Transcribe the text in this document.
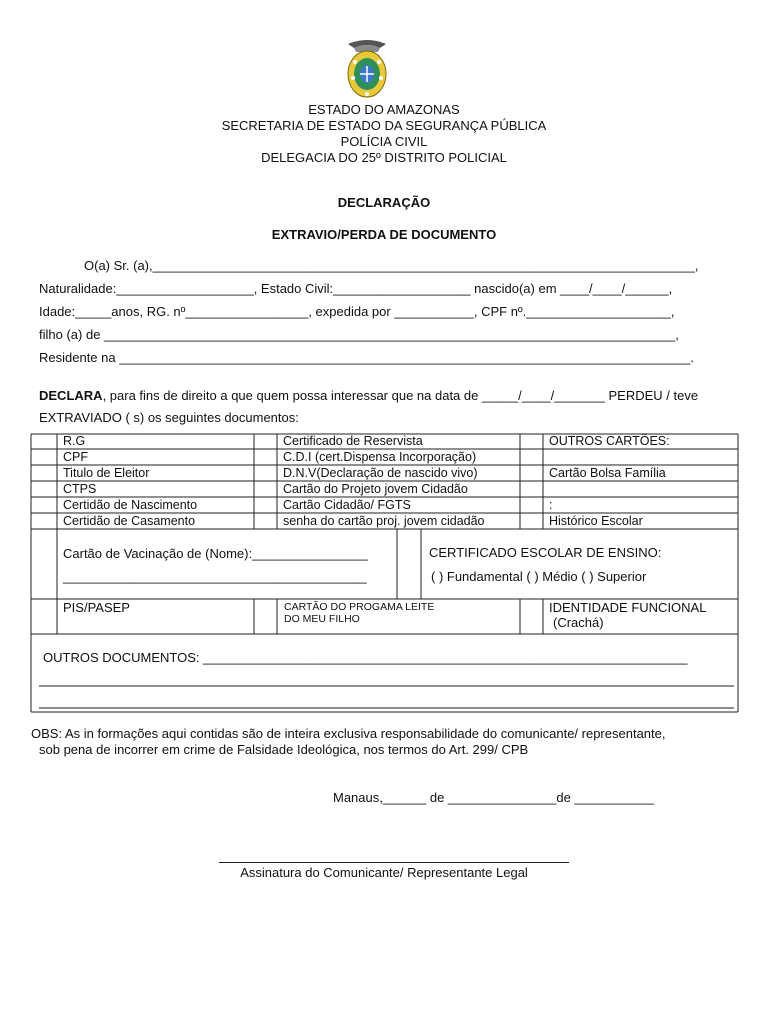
ESTADO DO AMAZONAS
SECRETARIA DE ESTADO DA SEGURANÇA PÚBLICA
POLÍCIA CIVIL
DELEGACIA DO 25º DISTRITO POLICIAL
DECLARAÇÃO
EXTRAVIO/PERDA DE DOCUMENTO
O(a) Sr. (a),___________________________________________________________________________,
Naturalidade:___________________, Estado Civil:___________________ nascido(a) em ____/____/______,
Idade:_____anos, RG. nº_________________, expedida por ___________, CPF nº.____________________,
filho (a) de _______________________________________________________________________________,
Residente na _______________________________________________________________________________.
DECLARA, para fins de direito a que quem possa interessar que na data de _____/____/_______ PERDEU / teve
EXTRAVIADO ( s) os seguintes documentos:
R.G
CPF
Titulo de Eleitor
CTPS
Certidão de Nascimento
Certidão de Casamento
Certificado de Reservista
C.D.I (cert.Dispensa Incorporação)
D.N.V(Declaração de nascido vivo)
Cartão do Projeto jovem Cidadão
Cartão Cidadão/ FGTS
senha do cartão proj. jovem cidadão
OUTROS CARTÕES:
Cartão Bolsa Família
:
Histórico Escolar
Cartão de Vacinação de (Nome):________________
__________________________________________
CERTIFICADO ESCOLAR DE ENSINO:
( ) Fundamental ( ) Médio ( ) Superior
PIS/PASEP	CARTÃO DO PROGAMA LEITE
DO MEU FILHO
IDENTIDADE FUNCIONAL
(Crachá)
OUTROS DOCUMENTOS: ___________________________________________________________________
OBS: As in formações aqui contidas são de inteira exclusiva responsabilidade do comunicante/ representante,
sob pena de incorrer em crime de Falsidade Ideológica, nos termos do Art. 299/ CPB
Manaus,______ de _______________de ___________
Assinatura do Comunicante/ Representante Legal
